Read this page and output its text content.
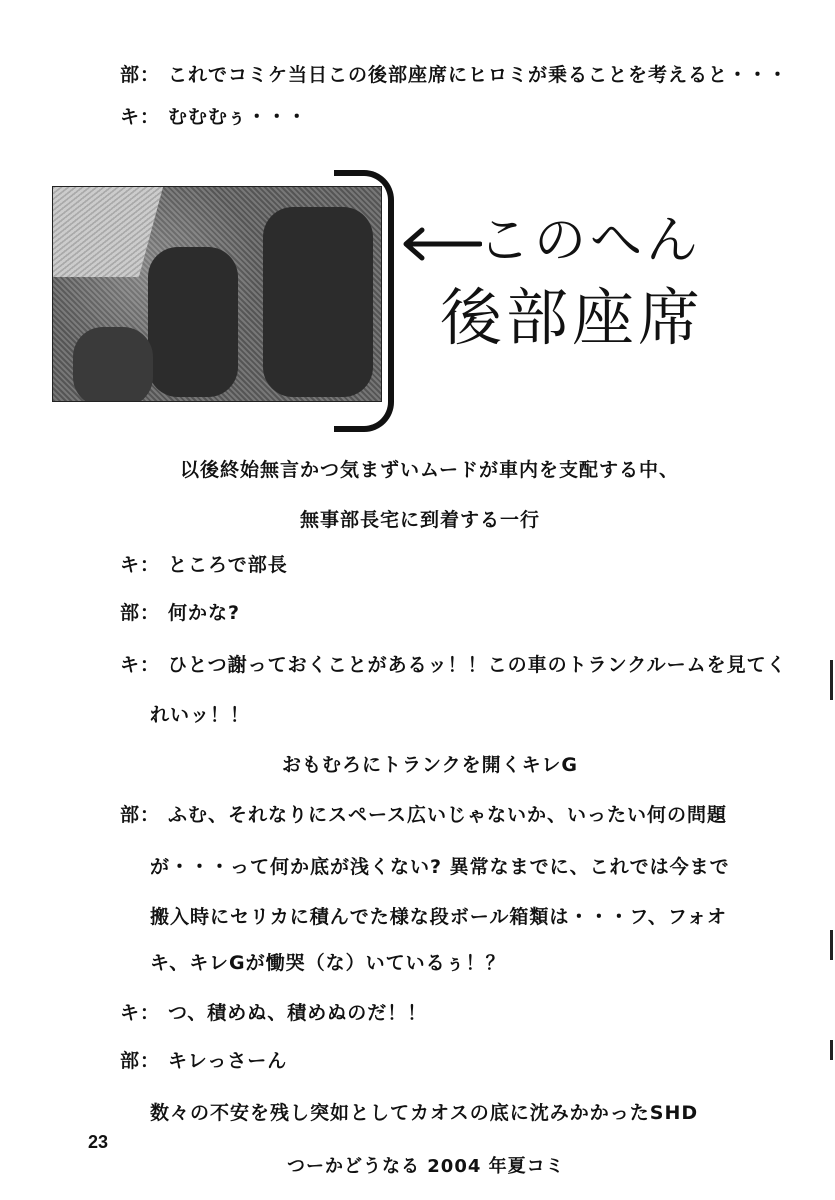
部： これでコミケ当日この後部座席にヒロミが乗ることを考えると・・・
キ： むむむぅ・・・
このへん
後部座席
以後終始無言かつ気まずいムードが車内を支配する中、
無事部長宅に到着する一行
キ： ところで部長
部： 何かな?
キ： ひとつ謝っておくことがあるッ！！この車のトランクルームを見てく
れいッ！！
おもむろにトランクを開くキレG
部： ふむ、それなりにスペース広いじゃないか、いったい何の問題
が・・・って何か底が浅くない? 異常なまでに、これでは今まで
搬入時にセリカに積んでた様な段ボール箱類は・・・フ、フォオ
キ、キレGが慟哭（な）いているぅ！？
キ： つ、積めぬ、積めぬのだ！！
部： キレっさーん
数々の不安を残し突如としてカオスの底に沈みかかったSHD
23
つーかどうなる 2004 年夏コミ
